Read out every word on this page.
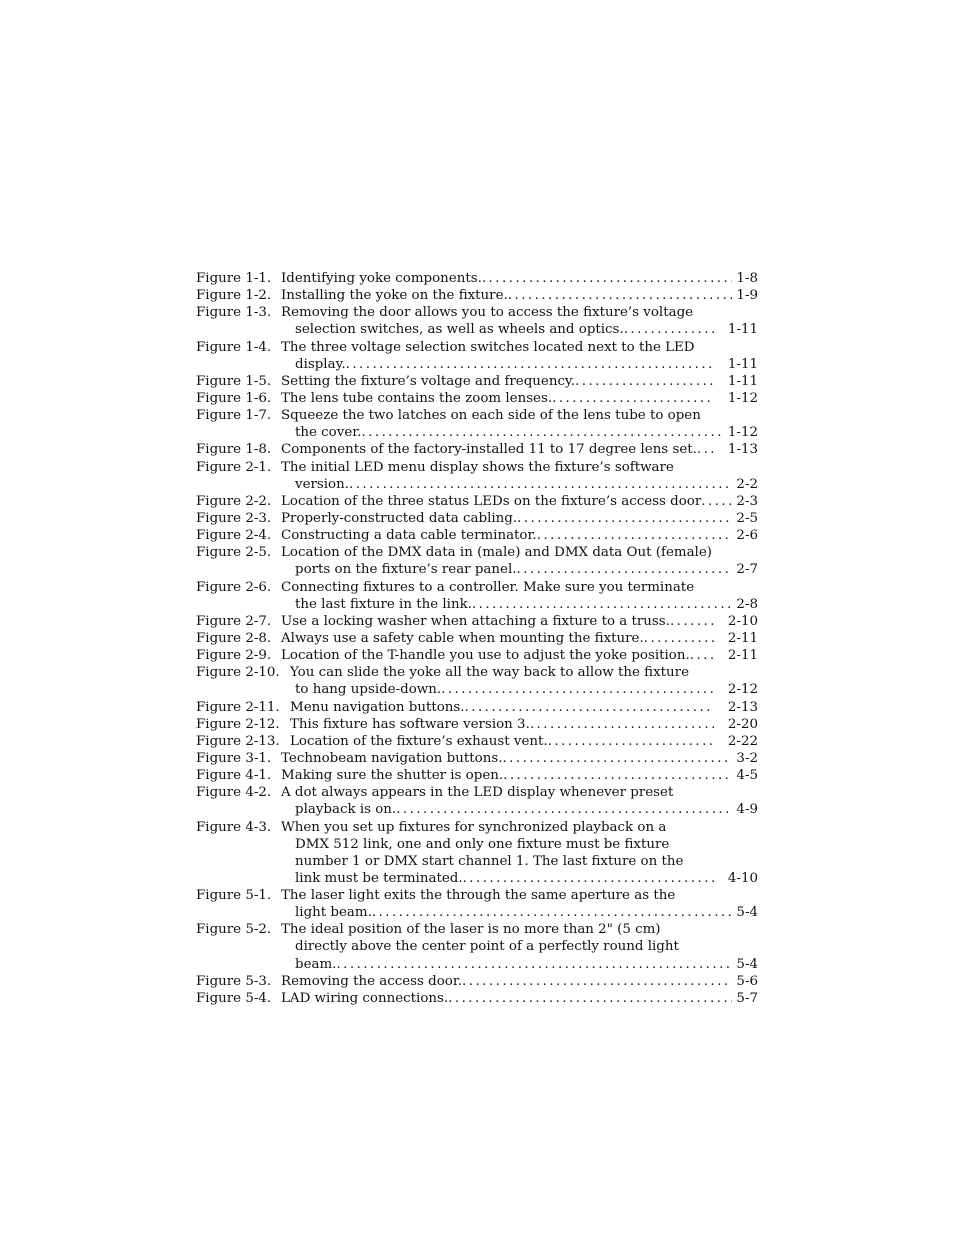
Figure 1-1. Identifying yoke components. . . .	1-8
Figure 1-2. Installing the yoke on the fixture. . . .	1-9
Figure 1-3. Removing the door allows you to access the fixture’s voltage
selection switches, as well as wheels and optics. . . .	1-11
Figure 1-4. The three voltage selection switches located next to the LED
display. . . .	1-11
Figure 1-5. Setting the fixture’s voltage and frequency. . . .	1-11
Figure 1-6. The lens tube contains the zoom lenses. . . .	1-12
Figure 1-7. Squeeze the two latches on each side of the lens tube to open
the cover. . . .	1-12
Figure 1-8. Components of the factory-installed 11 to 17 degree lens set. . . .	1-13
Figure 2-1. The initial LED menu display shows the fixture’s software
version. . . .	2-2
Figure 2-2. Location of the three status LEDs on the fixture’s access door . . .	2-3
Figure 2-3. Properly-constructed data cabling. . . .	2-5
Figure 2-4. Constructing a data cable terminator. . . .	2-6
Figure 2-5. Location of the DMX data in (male) and DMX data Out (female)
ports on the fixture’s rear panel. . . .	2-7
Figure 2-6. Connecting fixtures to a controller. Make sure you terminate
the last fixture in the link. . . .	2-8
Figure 2-7. Use a locking washer when attaching a fixture to a truss. . . .	2-10
Figure 2-8. Always use a safety cable when mounting the fixture. . . .	2-11
Figure 2-9. Location of the T-handle you use to adjust the yoke position. . . .	2-11
Figure 2-10. You can slide the yoke all the way back to allow the fixture
to hang upside-down. . . .	2-12
Figure 2-11. Menu navigation buttons. . . .	2-13
Figure 2-12. This fixture has software version 3. . . .	2-20
Figure 2-13. Location of the fixture’s exhaust vent. . . .	2-22
Figure 3-1. Technobeam navigation buttons. . . .	3-2
Figure 4-1. Making sure the shutter is open. . . .	4-5
Figure 4-2. A dot always appears in the LED display whenever preset
playback is on. . . .	4-9
Figure 4-3. When you set up fixtures for synchronized playback on a
DMX 512 link, one and only one fixture must be fixture
number 1 or DMX start channel 1. The last fixture on the
link must be terminated. . . .	4-10
Figure 5-1. The laser light exits the through the same aperture as the
light beam. . . .	5-4
Figure 5-2. The ideal position of the laser is no more than 2" (5 cm)
directly above the center point of a perfectly round light
beam. . . .	5-4
Figure 5-3. Removing the access door. . . .	5-6
Figure 5-4. LAD wiring connections. . . .	5-7
